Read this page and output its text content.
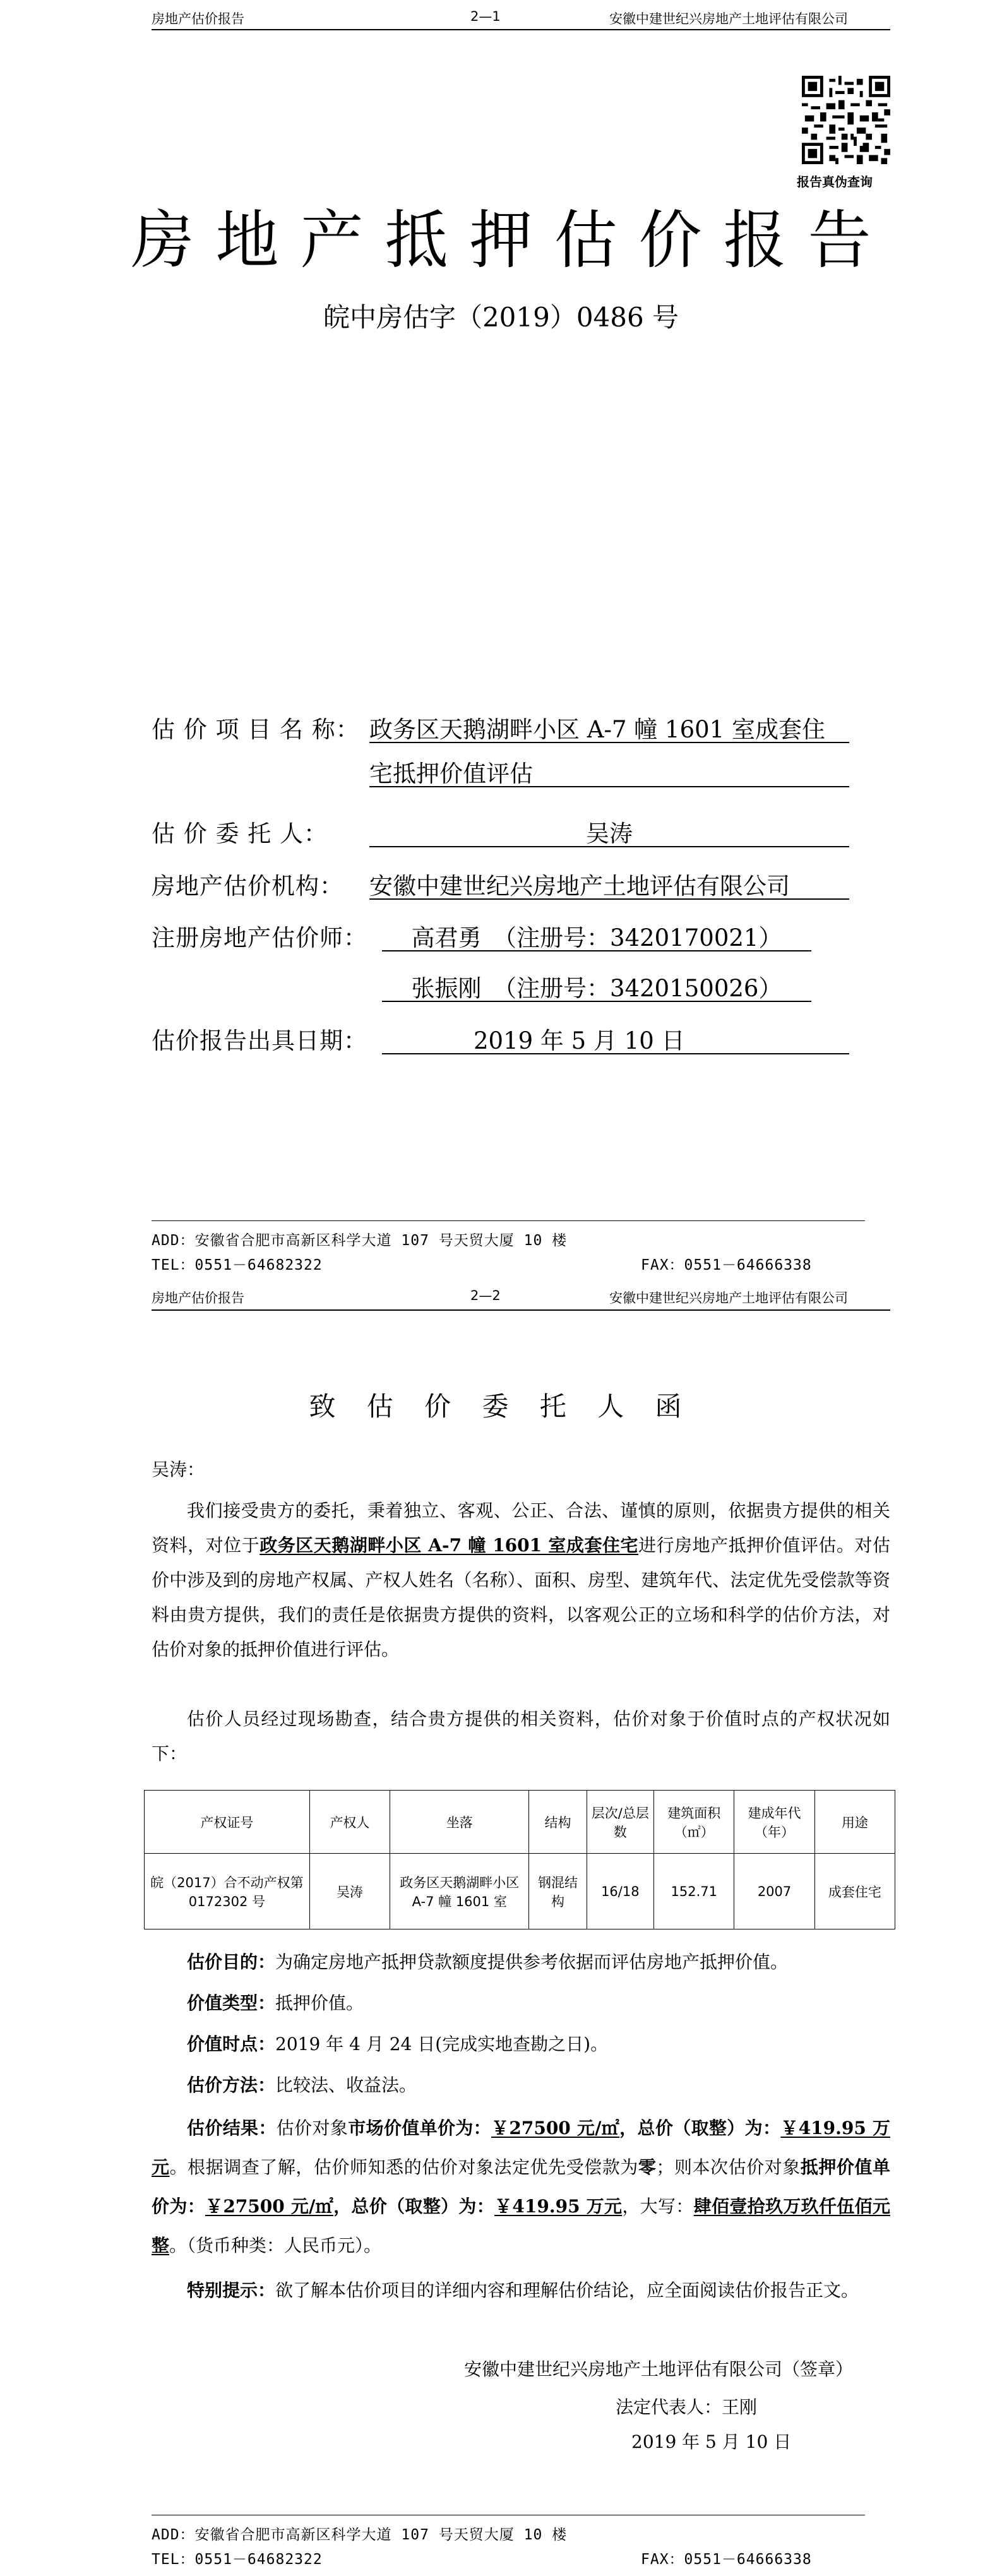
房地产估价报告	2—1	安徽中建世纪兴房地产土地评估有限公司
报告真伪查询
房地产抵押估价报告
皖中房估字（2019）0486 号
估 价 项 目 名 称： 政务区天鹅湖畔小区 A-7 幢 1601 室成套住
宅抵押价值评估
估 价 委 托 人：	吴涛
房地产估价机构： 安徽中建世纪兴房地产土地评估有限公司
注册房地产估价师：	高君勇　（注册号：3420170021）
张振刚　（注册号：3420150026）
估价报告出具日期：	2019 年 5 月 10 日
ADD：安徽省合肥市高新区科学大道 107 号天贸大厦 10 楼
TEL：0551－64682322	FAX：0551－64666338
房地产估价报告	2—2	安徽中建世纪兴房地产土地评估有限公司
致 估 价 委 托 人 函
吴涛：
我们接受贵方的委托，秉着独立、客观、公正、合法、谨慎的原则，依据贵方提供的相关资料，对位于政务区天鹅湖畔小区 A-7 幢 1601 室成套住宅进行房地产抵押价值评估。对估价中涉及到的房地产权属、产权人姓名（名称）、面积、房型、建筑年代、法定优先受偿款等资料由贵方提供，我们的责任是依据贵方提供的资料，以客观公正的立场和科学的估价方法，对估价对象的抵押价值进行评估。
估价人员经过现场勘查，结合贵方提供的相关资料，估价对象于价值时点的产权状况如下：
产权证号	产权人	坐落	结构	层次/总层数	建筑面积（㎡）	建成年代（年）	用途
皖（2017）合不动产权第 0172302 号	吴涛	政务区天鹅湖畔小区 A-7 幢 1601 室	钢混结构	16/18	152.71	2007	成套住宅
估价目的：为确定房地产抵押贷款额度提供参考依据而评估房地产抵押价值。
价值类型：抵押价值。
价值时点：2019 年 4 月 24 日(完成实地查勘之日)。
估价方法：比较法、收益法。
估价结果：估价对象市场价值单价为：￥27500 元/㎡，总价（取整）为：￥419.95 万元。根据调查了解，估价师知悉的估价对象法定优先受偿款为零；则本次估价对象抵押价值单价为：￥27500 元/㎡，总价（取整）为：￥419.95 万元，大写：肆佰壹拾玖万玖仟伍佰元整。（货币种类：人民币元）。
特别提示：欲了解本估价项目的详细内容和理解估价结论，应全面阅读估价报告正文。
安徽中建世纪兴房地产土地评估有限公司（签章）
法定代表人：王刚
2019 年 5 月 10 日
ADD：安徽省合肥市高新区科学大道 107 号天贸大厦 10 楼
TEL：0551－64682322	FAX：0551－64666338
